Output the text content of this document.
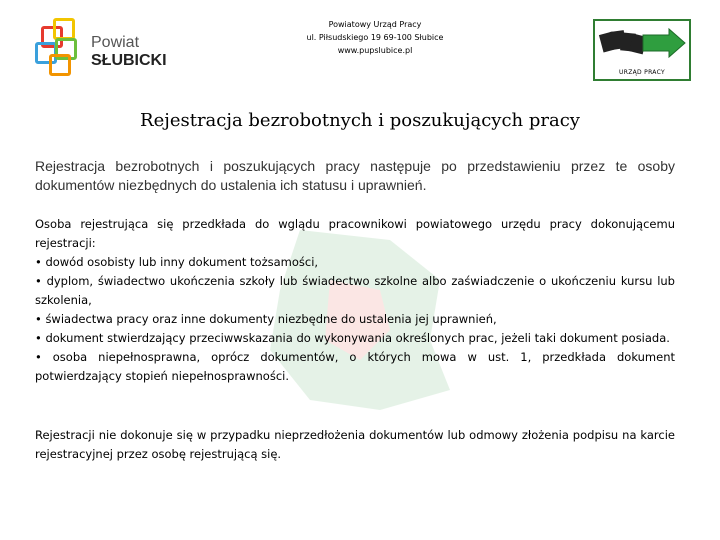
Powiat
SŁUBICKI
Powiatowy Urząd Pracy
ul. Piłsudskiego 19 69-100 Słubice
www.pupslubice.pl
URZĄD PRACY
Rejestracja bezrobotnych i poszukujących pracy
Rejestracja bezrobotnych i poszukujących pracy następuje po przedstawieniu przez te osoby dokumentów niezbędnych do ustalenia ich statusu i uprawnień.
Osoba rejestrująca się przedkłada do wglądu pracownikowi powiatowego urzędu pracy dokonującemu rejestracji:
• dowód osobisty lub inny dokument tożsamości,
• dyplom, świadectwo ukończenia szkoły lub świadectwo szkolne albo zaświadczenie o ukończeniu kursu lub szkolenia,
• świadectwa pracy oraz inne dokumenty niezbędne do ustalenia jej uprawnień,
• dokument stwierdzający przeciwwskazania do wykonywania określonych prac, jeżeli taki dokument posiada.
• osoba niepełnosprawna, oprócz dokumentów, o których mowa w ust. 1, przedkłada dokument potwierdzający stopień niepełnosprawności.
Rejestracji nie dokonuje się w przypadku nieprzedłożenia dokumentów lub odmowy złożenia podpisu na karcie rejestracyjnej przez osobę rejestrującą się.
